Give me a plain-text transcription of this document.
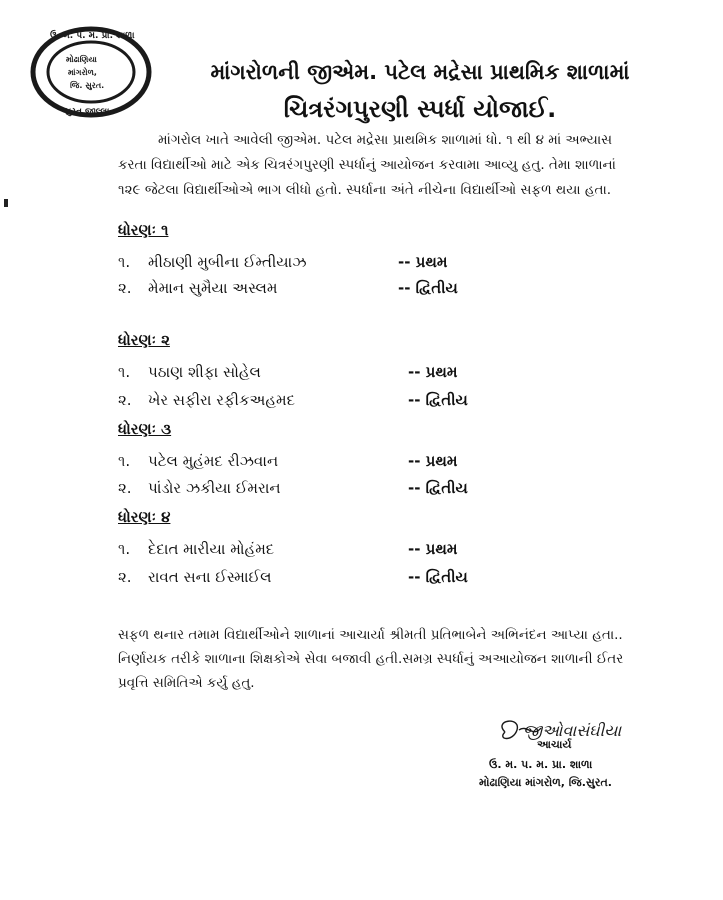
ઉ. મ. પ. મ. પ્રા. શાળા
મોઢાણિયા
માંગરોળ,
જિ. સુરત.
સુરત જીલ્લા
માંગરોળની જીએમ. પટેલ મદ્રેસા પ્રાથમિક શાળામાં
ચિત્રરંગપુરણી સ્પર્ધા યોજાઈ.
માંગરોલ ખાતે આવેલી જીએમ. પટેલ મદ્રેસા પ્રાથમિક શાળામાં ધો. ૧ થી ૪ માં અભ્યાસ
કરતા વિદ્યાર્થીઓ માટે એક ચિત્રરંગપુરણી સ્પર્ધાનું આયોજન કરવામા આવ્યુ હતુ. તેમા શાળાનાં
૧૨૯ જેટલા વિદ્યાર્થીઓએ ભાગ લીધો હતો. સ્પર્ધાના અંતે નીચેના વિદ્યાર્થીઓ સફળ થયા હતા.
ધોરણઃ ૧
૧. મીઠાણી મુબીના ઈમ્તીયાઝ	-- પ્રથમ
૨. મેમાન સુમૈયા અસ્લમ	-- દ્વિતીય
ધોરણઃ ૨
૧. પઠાણ શીફા સોહેલ	-- પ્રથમ
૨. ખેર સફીરા રફીકઅહમદ	-- દ્વિતીય
ધોરણઃ ૩
૧. પટેલ મુહંમદ રીઝવાન	-- પ્રથમ
૨. પાંડોર ઝકીયા ઈમરાન	-- દ્વિતીય
ધોરણઃ ૪
૧. દેદાત મારીયા મોહંમદ	-- પ્રથમ
૨. રાવત સના ઈસ્માઈલ	-- દ્વિતીય
સફળ થનાર તમામ વિદ્યાર્થીઓને શાળાનાં આચાર્યા શ્રીમતી પ્રતિભાબેને અભિનંદન આપ્યા હતા..
નિર્ણાયક તરીકે શાળાના શિક્ષકોએ સેવા બજાવી હતી.સમગ્ર સ્પર્ધાનું અઆયોજન શાળાની ઈતર
પ્રવૃત્તિ સમિતિએ કર્યુ હતુ.
જીઓવાસંઘીયા
આચાર્ય
ઉ. મ. પ. મ. પ્રા. શાળા
મોઢાણિયા માંગરોળ, જિ.સુરત.
